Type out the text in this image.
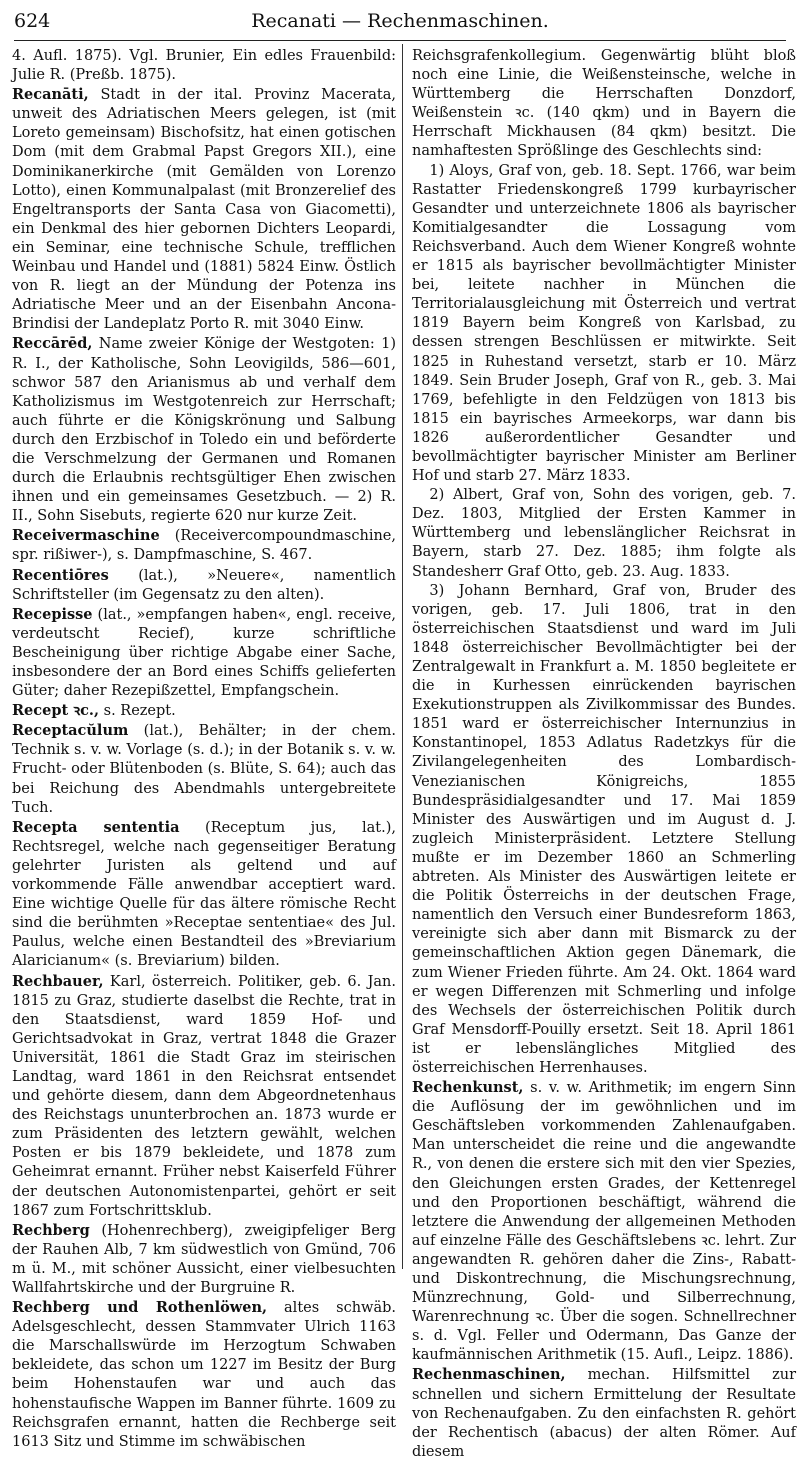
624	Recanati — Rechenmaschinen.

4. Aufl. 1875). Vgl. Brunier, Ein edles Frauenbild: Julie R. (Preßb. 1875).

Recanāti, Stadt in der ital. Provinz Macerata, unweit des Adriatischen Meers gelegen, ist (mit Loreto gemeinsam) Bischofsitz, hat einen gotischen Dom (mit dem Grabmal Papst Gregors XII.), eine Dominikanerkirche (mit Gemälden von Lorenzo Lotto), einen Kommunalpalast (mit Bronzerelief des Engeltransports der Santa Casa von Giacometti), ein Denkmal des hier gebornen Dichters Leopardi, ein Seminar, eine technische Schule, trefflichen Weinbau und Handel und (1881) 5824 Einw. Östlich von R. liegt an der Mündung der Potenza ins Adriatische Meer und an der Eisenbahn Ancona-Brindisi der Landeplatz Porto R. mit 3040 Einw.

Reccārēd, Name zweier Könige der Westgoten: 1) R. I., der Katholische, Sohn Leovigilds, 586—601, schwor 587 den Arianismus ab und verhalf dem Katholizismus im Westgotenreich zur Herrschaft; auch führte er die Königskrönung und Salbung durch den Erzbischof in Toledo ein und beförderte die Verschmelzung der Germanen und Romanen durch die Erlaubnis rechtsgültiger Ehen zwischen ihnen und ein gemeinsames Gesetzbuch. — 2) R. II., Sohn Sisebuts, regierte 620 nur kurze Zeit.

Receivermaschine (Receivercompoundmaschine, spr. rißiwer-), s. Dampfmaschine, S. 467.

Recentiōres (lat.), »Neuere«, namentlich Schriftsteller (im Gegensatz zu den alten).

Recepisse (lat., »empfangen haben«, engl. receive, verdeutscht Recief), kurze schriftliche Bescheinigung über richtige Abgabe einer Sache, insbesondere der an Bord eines Schiffs gelieferten Güter; daher Rezepißzettel, Empfangschein.

Recept ꝛc., s. Rezept.

Receptacŭlum (lat.), Behälter; in der chem. Technik s. v. w. Vorlage (s. d.); in der Botanik s. v. w. Frucht- oder Blütenboden (s. Blüte, S. 64); auch das bei Reichung des Abendmahls untergebreitete Tuch.

Recepta sententia (Receptum jus, lat.), Rechtsregel, welche nach gegenseitiger Beratung gelehrter Juristen als geltend und auf vorkommende Fälle anwendbar acceptiert ward. Eine wichtige Quelle für das ältere römische Recht sind die berühmten »Receptae sententiae« des Jul. Paulus, welche einen Bestandteil des »Breviarium Alaricianum« (s. Breviarium) bilden.

Rechbauer, Karl, österreich. Politiker, geb. 6. Jan. 1815 zu Graz, studierte daselbst die Rechte, trat in den Staatsdienst, ward 1859 Hof- und Gerichtsadvokat in Graz, vertrat 1848 die Grazer Universität, 1861 die Stadt Graz im steirischen Landtag, ward 1861 in den Reichsrat entsendet und gehörte diesem, dann dem Abgeordnetenhaus des Reichstags ununterbrochen an. 1873 wurde er zum Präsidenten des letztern gewählt, welchen Posten er bis 1879 bekleidete, und 1878 zum Geheimrat ernannt. Früher nebst Kaiserfeld Führer der deutschen Autonomistenpartei, gehört er seit 1867 zum Fortschrittsklub.

Rechberg (Hohenrechberg), zweigipfeliger Berg der Rauhen Alb, 7 km südwestlich von Gmünd, 706 m ü. M., mit schöner Aussicht, einer vielbesuchten Wallfahrtskirche und der Burgruine R.

Rechberg und Rothenlöwen, altes schwäb. Adelsgeschlecht, dessen Stammvater Ulrich 1163 die Marschallswürde im Herzogtum Schwaben bekleidete, das schon um 1227 im Besitz der Burg beim Hohenstaufen war und auch das hohenstaufische Wappen im Banner führte. 1609 zu Reichsgrafen ernannt, hatten die Rechberge seit 1613 Sitz und Stimme im schwäbischen

Reichsgrafenkollegium. Gegenwärtig blüht bloß noch eine Linie, die Weißensteinsche, welche in Württemberg die Herrschaften Donzdorf, Weißenstein ꝛc. (140 qkm) und in Bayern die Herrschaft Mickhausen (84 qkm) besitzt. Die namhaftesten Sprößlinge des Geschlechts sind:

1) Aloys, Graf von, geb. 18. Sept. 1766, war beim Rastatter Friedenskongreß 1799 kurbayrischer Gesandter und unterzeichnete 1806 als bayrischer Komitialgesandter die Lossagung vom Reichsverband. Auch dem Wiener Kongreß wohnte er 1815 als bayrischer bevollmächtigter Minister bei, leitete nachher in München die Territorialausgleichung mit Österreich und vertrat 1819 Bayern beim Kongreß von Karlsbad, zu dessen strengen Beschlüssen er mitwirkte. Seit 1825 in Ruhestand versetzt, starb er 10. März 1849. Sein Bruder Joseph, Graf von R., geb. 3. Mai 1769, befehligte in den Feldzügen von 1813 bis 1815 ein bayrisches Armeekorps, war dann bis 1826 außerordentlicher Gesandter und bevollmächtigter bayrischer Minister am Berliner Hof und starb 27. März 1833.

2) Albert, Graf von, Sohn des vorigen, geb. 7. Dez. 1803, Mitglied der Ersten Kammer in Württemberg und lebenslänglicher Reichsrat in Bayern, starb 27. Dez. 1885; ihm folgte als Standesherr Graf Otto, geb. 23. Aug. 1833.

3) Johann Bernhard, Graf von, Bruder des vorigen, geb. 17. Juli 1806, trat in den österreichischen Staatsdienst und ward im Juli 1848 österreichischer Bevollmächtigter bei der Zentralgewalt in Frankfurt a. M. 1850 begleitete er die in Kurhessen einrückenden bayrischen Exekutionstruppen als Zivilkommissar des Bundes. 1851 ward er österreichischer Internunzius in Konstantinopel, 1853 Adlatus Radetzkys für die Zivilangelegenheiten des Lombardisch-Venezianischen Königreichs, 1855 Bundespräsidialgesandter und 17. Mai 1859 Minister des Auswärtigen und im August d. J. zugleich Ministerpräsident. Letztere Stellung mußte er im Dezember 1860 an Schmerling abtreten. Als Minister des Auswärtigen leitete er die Politik Österreichs in der deutschen Frage, namentlich den Versuch einer Bundesreform 1863, vereinigte sich aber dann mit Bismarck zu der gemeinschaftlichen Aktion gegen Dänemark, die zum Wiener Frieden führte. Am 24. Okt. 1864 ward er wegen Differenzen mit Schmerling und infolge des Wechsels der österreichischen Politik durch Graf Mensdorff-Pouilly ersetzt. Seit 18. April 1861 ist er lebenslängliches Mitglied des österreichischen Herrenhauses.

Rechenkunst, s. v. w. Arithmetik; im engern Sinn die Auflösung der im gewöhnlichen und im Geschäftsleben vorkommenden Zahlenaufgaben. Man unterscheidet die reine und die angewandte R., von denen die erstere sich mit den vier Spezies, den Gleichungen ersten Grades, der Kettenregel und den Proportionen beschäftigt, während die letztere die Anwendung der allgemeinen Methoden auf einzelne Fälle des Geschäftslebens ꝛc. lehrt. Zur angewandten R. gehören daher die Zins-, Rabatt- und Diskontrechnung, die Mischungsrechnung, Münzrechnung, Gold- und Silberrechnung, Warenrechnung ꝛc. Über die sogen. Schnellrechner s. d. Vgl. Feller und Odermann, Das Ganze der kaufmännischen Arithmetik (15. Aufl., Leipz. 1886).

Rechenmaschinen, mechan. Hilfsmittel zur schnellen und sichern Ermittelung der Resultate von Rechenaufgaben. Zu den einfachsten R. gehört der Rechentisch (abacus) der alten Römer. Auf diesem
